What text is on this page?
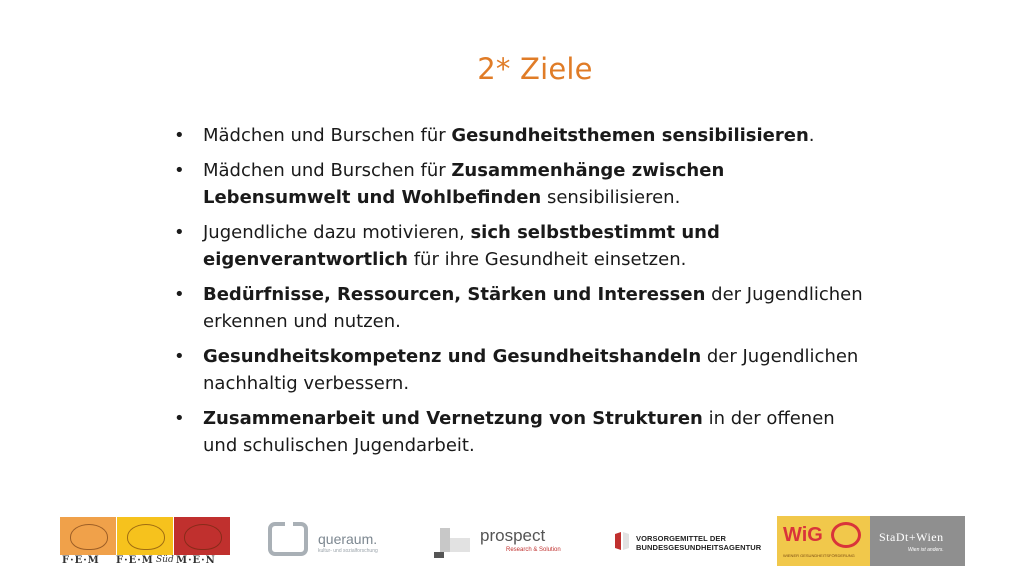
2* Ziele
• Mädchen und Burschen für Gesundheitsthemen sensibilisieren.
• Mädchen und Burschen für Zusammenhänge zwischen Lebensumwelt und Wohlbefinden sensibilisieren.
• Jugendliche dazu motivieren, sich selbstbestimmt und eigenverantwortlich für ihre Gesundheit einsetzen.
• Bedürfnisse, Ressourcen, Stärken und Interessen der Jugendlichen erkennen und nutzen.
• Gesundheitskompetenz und Gesundheitshandeln der Jugendlichen nachhaltig verbessern.
• Zusammenarbeit und Vernetzung von Strukturen in der offenen und schulischen Jugendarbeit.
F·E·M F·E·M Süd M·E·N
queraum.
kultur- und sozialforschung
prospect
Research & Solution
VORSORGEMITTEL DER
BUNDESGESUNDHEITSAGENTUR
WiG
WIENER GESUNDHEITSFÖRDERUNG
StaDt+Wien
Wien ist anders.
